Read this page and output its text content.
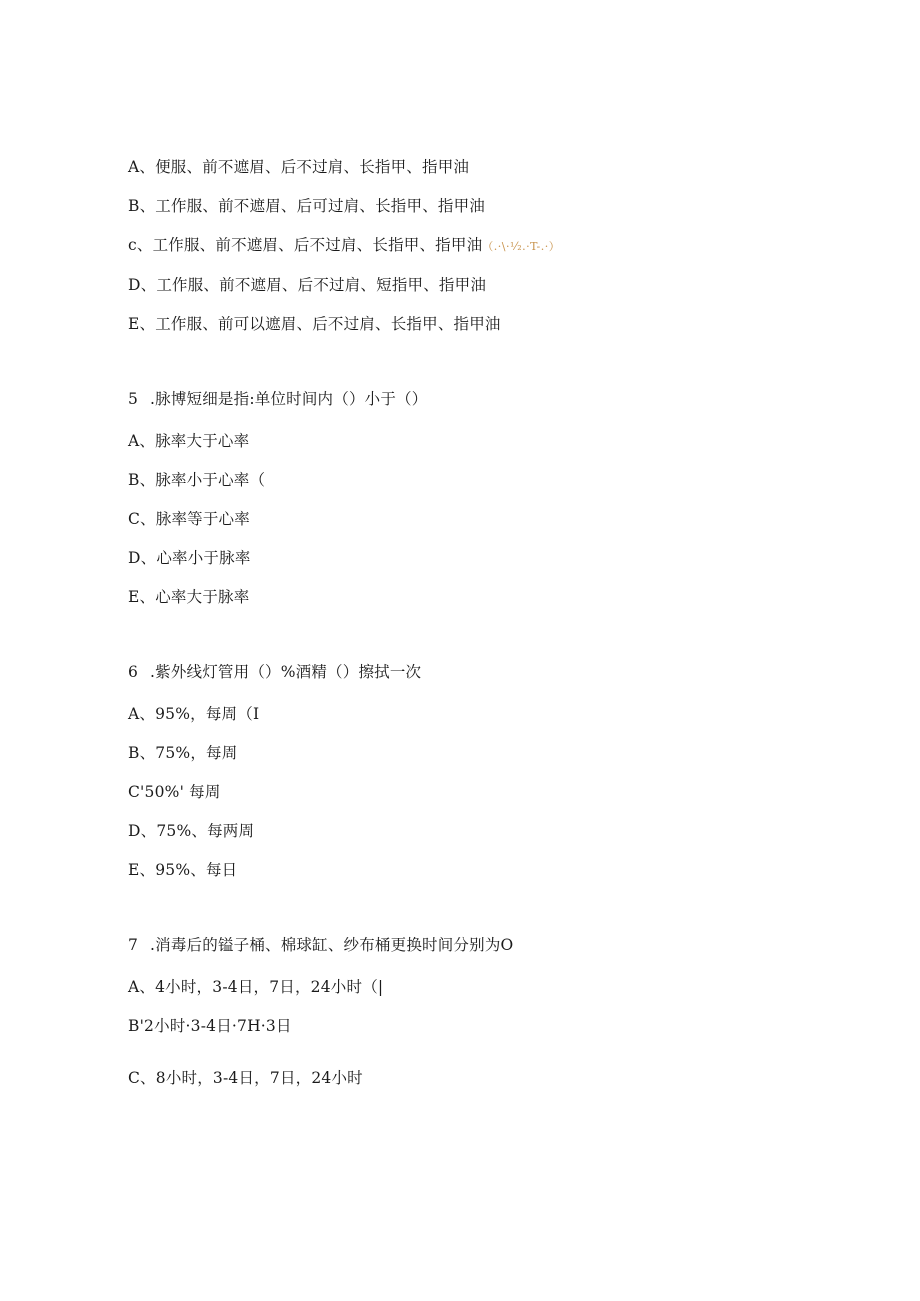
A、便服、前不遮眉、后不过肩、长指甲、指甲油
B、工作服、前不遮眉、后可过肩、长指甲、指甲油
c、工作服、前不遮眉、后不过肩、长指甲、指甲油（.·\·¹⁄₂.·T-.·）
D、工作服、前不遮眉、后不过肩、短指甲、指甲油
E、工作服、前可以遮眉、后不过肩、长指甲、指甲油
5 .脉博短细是指:单位时间内（）小于（）
A、脉率大于心率
B、脉率小于心率（
C、脉率等于心率
D、心率小于脉率
E、心率大于脉率
6 .紫外线灯管用（）%酒精（）擦拭一次
A、95%，每周（I
B、75%，每周
C'50%' 每周
D、75%、每两周
E、95%、每日
7 .消毒后的镒子桶、棉球缸、纱布桶更换时间分别为O
A、4小时，3-4日，7日，24小时（|
B'2小时·3-4日·7H·3日
C、8小时，3-4日，7日，24小时
